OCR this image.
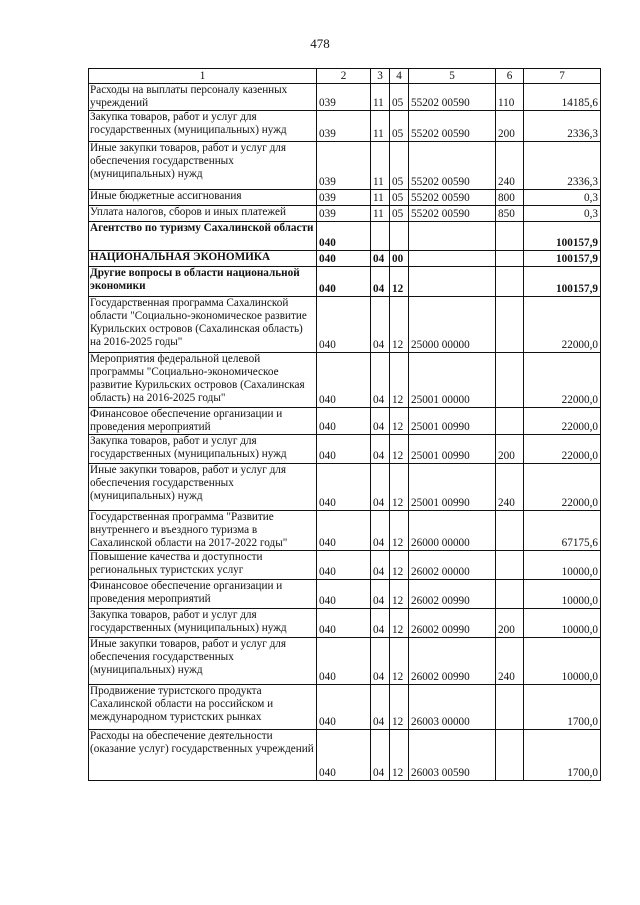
478
1	2	3	4	5	6	7
Расходы на выплаты персоналу казенных учреждений	039	11	05	55202 00590	110	14185,6
Закупка товаров, работ и услуг для государственных (муниципальных) нужд	039	11	05	55202 00590	200	2336,3
Иные закупки товаров, работ и услуг для обеспечения государственных (муниципальных) нужд	039	11	05	55202 00590	240	2336,3
Иные бюджетные ассигнования	039	11	05	55202 00590	800	0,3
Уплата налогов, сборов и иных платежей	039	11	05	55202 00590	850	0,3
Агентство по туризму Сахалинской области	040					100157,9
НАЦИОНАЛЬНАЯ ЭКОНОМИКА	040	04	00			100157,9
Другие вопросы в области национальной экономики	040	04	12			100157,9
Государственная программа Сахалинской области "Социально-экономическое развитие Курильских островов (Сахалинская область) на 2016-2025 годы"	040	04	12	25000 00000		22000,0
Мероприятия федеральной целевой программы "Социально-экономическое развитие Курильских островов (Сахалинская область) на 2016-2025 годы"	040	04	12	25001 00000		22000,0
Финансовое обеспечение организации и проведения мероприятий	040	04	12	25001 00990		22000,0
Закупка товаров, работ и услуг для государственных (муниципальных) нужд	040	04	12	25001 00990	200	22000,0
Иные закупки товаров, работ и услуг для обеспечения государственных (муниципальных) нужд	040	04	12	25001 00990	240	22000,0
Государственная программа "Развитие внутреннего и въездного туризма в Сахалинской области на 2017-2022 годы"	040	04	12	26000 00000		67175,6
Повышение качества и доступности региональных туристских услуг	040	04	12	26002 00000		10000,0
Финансовое обеспечение организации и проведения мероприятий	040	04	12	26002 00990		10000,0
Закупка товаров, работ и услуг для государственных (муниципальных) нужд	040	04	12	26002 00990	200	10000,0
Иные закупки товаров, работ и услуг для обеспечения государственных (муниципальных) нужд	040	04	12	26002 00990	240	10000,0
Продвижение туристского продукта Сахалинской области на российском и международном туристских рынках	040	04	12	26003 00000		1700,0
Расходы на обеспечение деятельности (оказание услуг) государственных учреждений	040	04	12	26003 00590		1700,0
